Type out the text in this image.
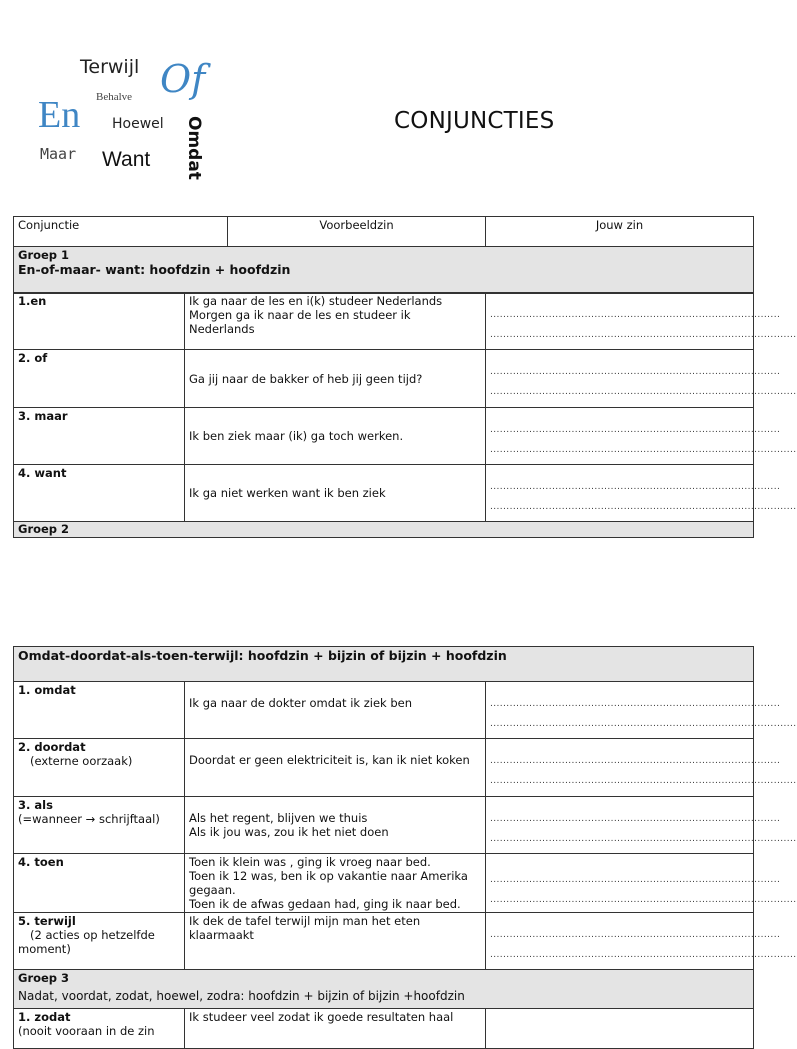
Terwijl Of
Behalve
En Hoewel Omdat
Maar Want
CONJUNCTIES
Conjunctie	Voorbeeldzin	Jouw zin
Groep 1
En-of-maar- want: hoofdzin + hoofdzin
1.en	Ik ga naar de les en i(k) studeer Nederlands
Morgen ga ik naar de les en studeer ik
Nederlands	.........................................................................................
..............................................................................................

2. of	Ga jij naar de bakker of heb jij geen tijd?	.........................................................................................
..............................................................................................

3. maar	Ik ben ziek maar (ik) ga toch werken.	.........................................................................................
..............................................................................................

4. want	Ik ga niet werken want ik ben ziek	.........................................................................................
..............................................................................................

Groep 2		
Omdat-doordat-als-toen-terwijl: hoofdzin + bijzin of bijzin + hoofdzin		

1. omdat	Ik ga naar de dokter omdat ik ziek ben	.........................................................................................
..............................................................................................

2. doordat
(externe oorzaak)	Doordat er geen elektriciteit is, kan ik niet koken	.........................................................................................
..............................................................................................

3. als
(=wanneer → schrijftaal)	Als het regent, blijven we thuis
Als ik jou was, zou ik het niet doen	.........................................................................................
..............................................................................................

4. toen	Toen ik klein was , ging ik vroeg naar bed.
Toen ik 12 was, ben ik op vakantie naar Amerika
gegaan.
Toen ik de afwas gedaan had, ging ik naar bed.	.........................................................................................
..............................................................................................

5. terwijl
(2 acties op hetzelfde
moment)	Ik dek de tafel terwijl mijn man het eten
klaarmaakt	.........................................................................................
..............................................................................................

Groep 3
Nadat, voordat, zodat, hoewel, zodra: hoofdzin + bijzin of bijzin +hoofdzin		

1. zodat
(nooit vooraan in de zin	Ik studeer veel zodat ik goede resultaten haal	
